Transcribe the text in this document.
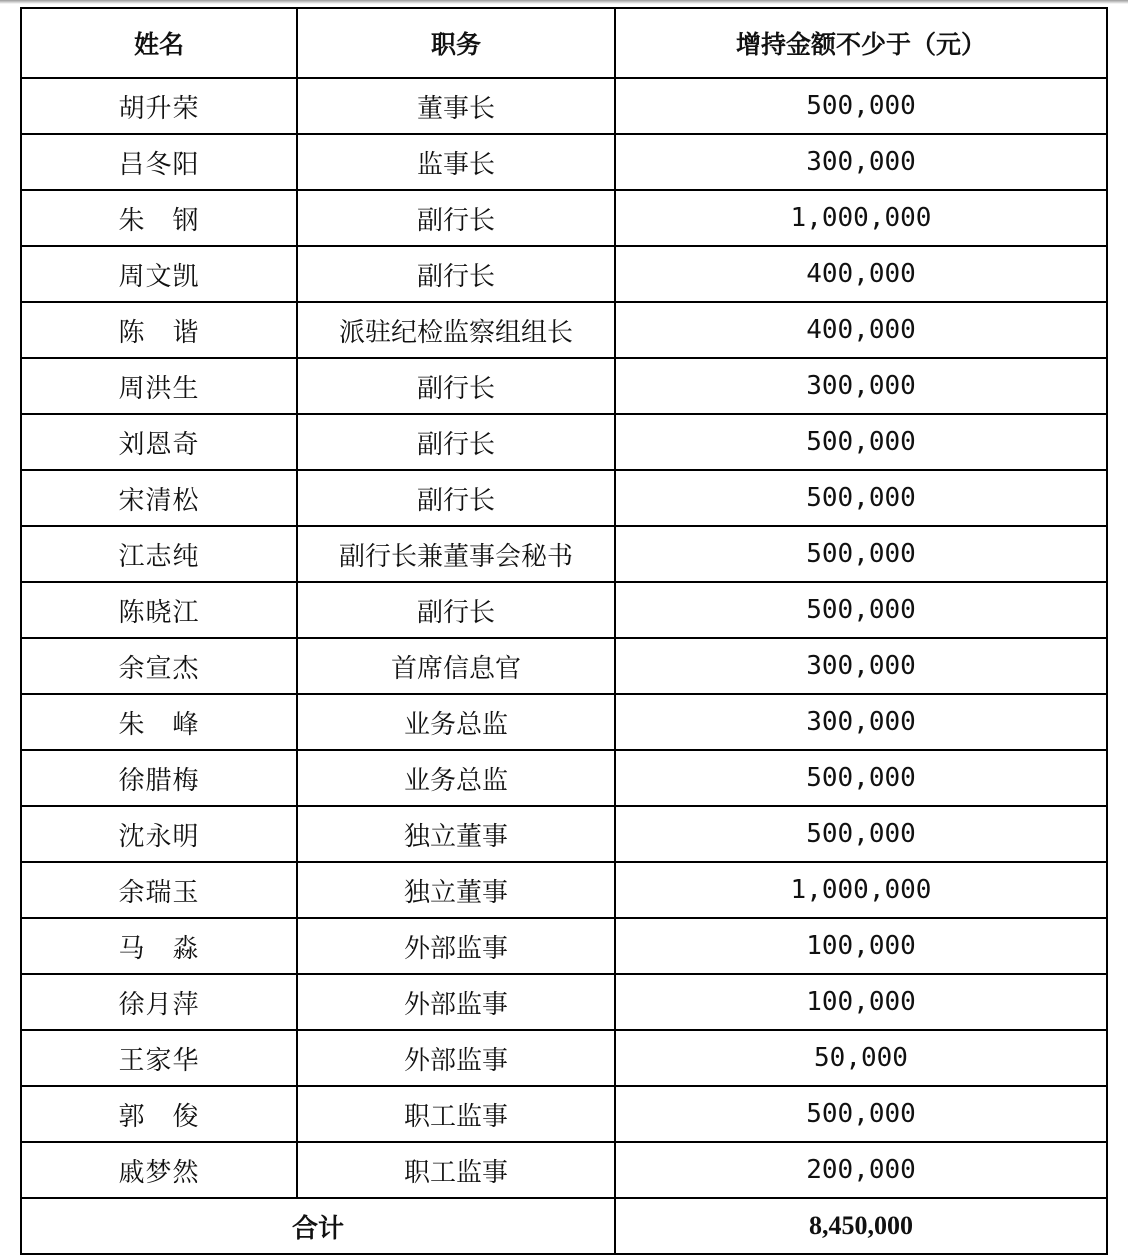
姓名	职务	增持金额不少于（元）
胡升荣	董事长	500,000
吕冬阳	监事长	300,000
朱　钢	副行长	1,000,000
周文凯	副行长	400,000
陈　谐	派驻纪检监察组组长	400,000
周洪生	副行长	300,000
刘恩奇	副行长	500,000
宋清松	副行长	500,000
江志纯	副行长兼董事会秘书	500,000
陈晓江	副行长	500,000
余宣杰	首席信息官	300,000
朱　峰	业务总监	300,000
徐腊梅	业务总监	500,000
沈永明	独立董事	500,000
余瑞玉	独立董事	1,000,000
马　淼	外部监事	100,000
徐月萍	外部监事	100,000
王家华	外部监事	50,000
郭　俊	职工监事	500,000
戚梦然	职工监事	200,000
合计		8,450,000
